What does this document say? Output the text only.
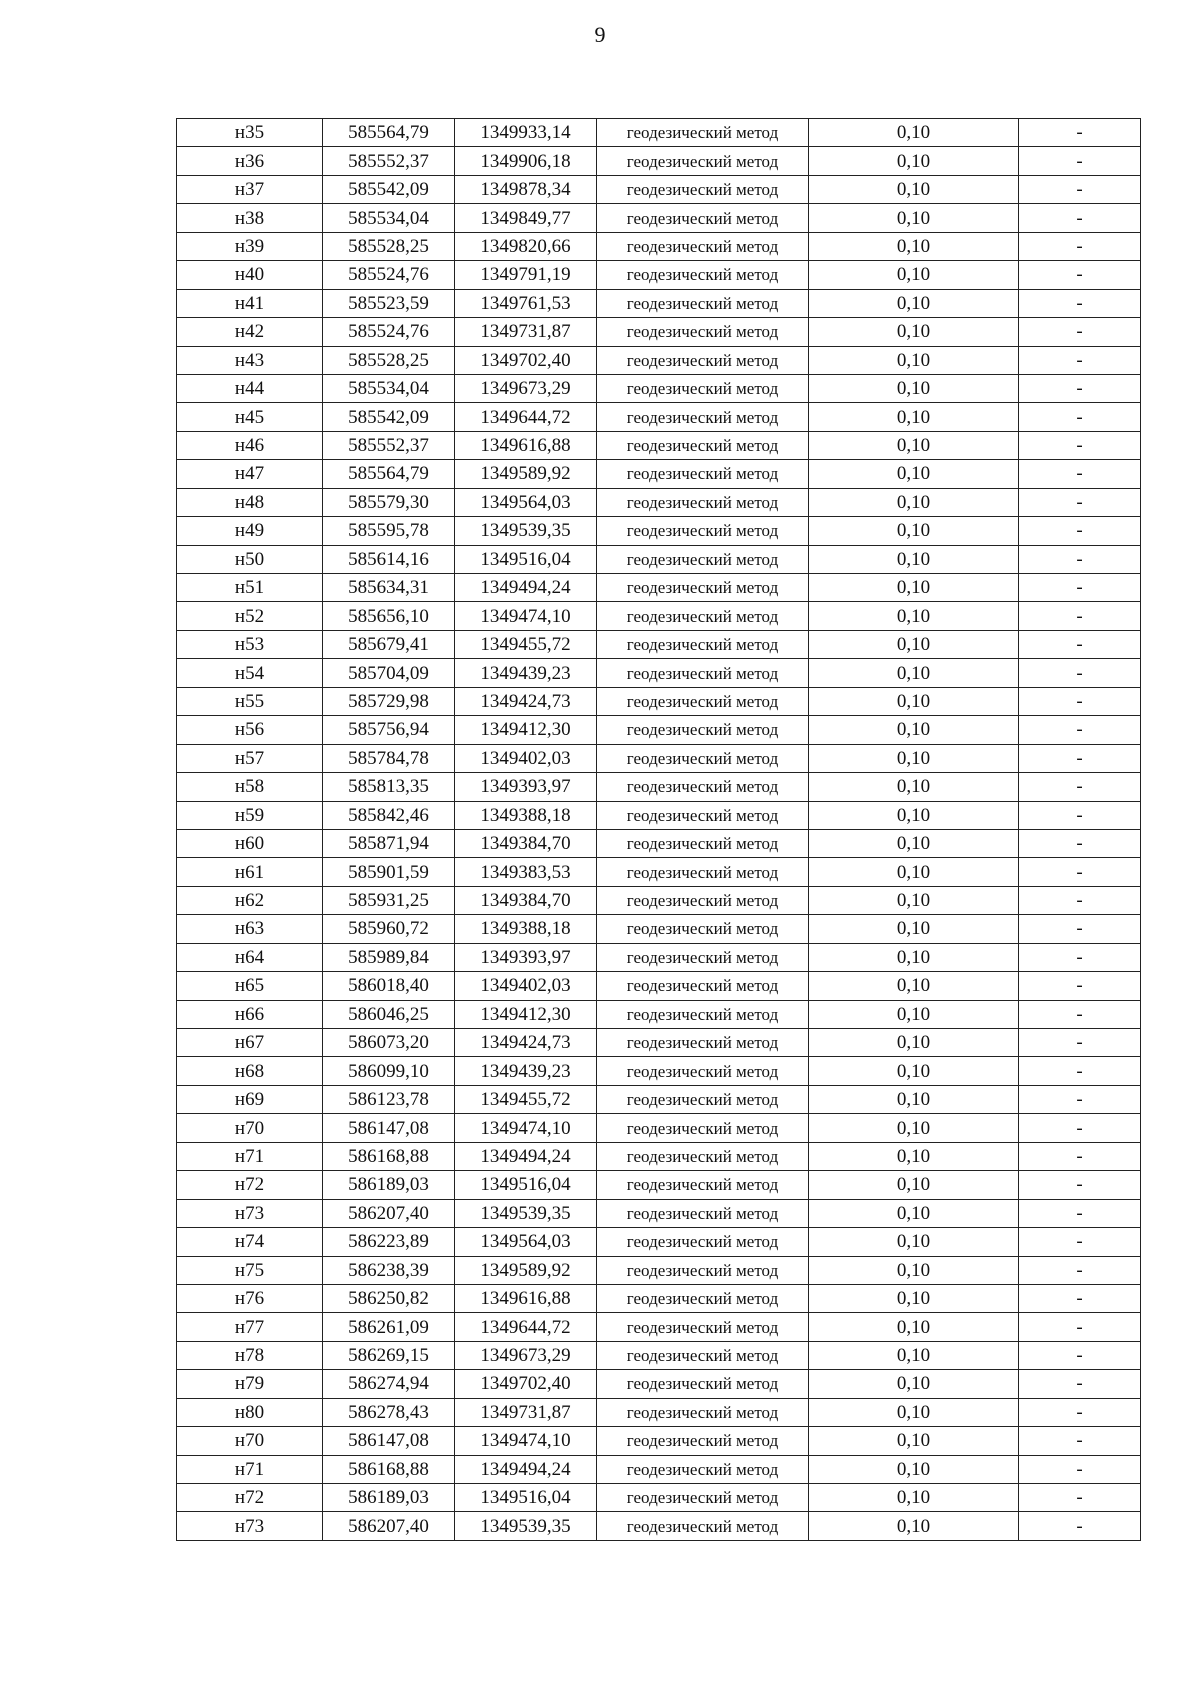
9
н35	585564,79	1349933,14	геодезический метод	0,10	-
н36	585552,37	1349906,18	геодезический метод	0,10	-
н37	585542,09	1349878,34	геодезический метод	0,10	-
н38	585534,04	1349849,77	геодезический метод	0,10	-
н39	585528,25	1349820,66	геодезический метод	0,10	-
н40	585524,76	1349791,19	геодезический метод	0,10	-
н41	585523,59	1349761,53	геодезический метод	0,10	-
н42	585524,76	1349731,87	геодезический метод	0,10	-
н43	585528,25	1349702,40	геодезический метод	0,10	-
н44	585534,04	1349673,29	геодезический метод	0,10	-
н45	585542,09	1349644,72	геодезический метод	0,10	-
н46	585552,37	1349616,88	геодезический метод	0,10	-
н47	585564,79	1349589,92	геодезический метод	0,10	-
н48	585579,30	1349564,03	геодезический метод	0,10	-
н49	585595,78	1349539,35	геодезический метод	0,10	-
н50	585614,16	1349516,04	геодезический метод	0,10	-
н51	585634,31	1349494,24	геодезический метод	0,10	-
н52	585656,10	1349474,10	геодезический метод	0,10	-
н53	585679,41	1349455,72	геодезический метод	0,10	-
н54	585704,09	1349439,23	геодезический метод	0,10	-
н55	585729,98	1349424,73	геодезический метод	0,10	-
н56	585756,94	1349412,30	геодезический метод	0,10	-
н57	585784,78	1349402,03	геодезический метод	0,10	-
н58	585813,35	1349393,97	геодезический метод	0,10	-
н59	585842,46	1349388,18	геодезический метод	0,10	-
н60	585871,94	1349384,70	геодезический метод	0,10	-
н61	585901,59	1349383,53	геодезический метод	0,10	-
н62	585931,25	1349384,70	геодезический метод	0,10	-
н63	585960,72	1349388,18	геодезический метод	0,10	-
н64	585989,84	1349393,97	геодезический метод	0,10	-
н65	586018,40	1349402,03	геодезический метод	0,10	-
н66	586046,25	1349412,30	геодезический метод	0,10	-
н67	586073,20	1349424,73	геодезический метод	0,10	-
н68	586099,10	1349439,23	геодезический метод	0,10	-
н69	586123,78	1349455,72	геодезический метод	0,10	-
н70	586147,08	1349474,10	геодезический метод	0,10	-
н71	586168,88	1349494,24	геодезический метод	0,10	-
н72	586189,03	1349516,04	геодезический метод	0,10	-
н73	586207,40	1349539,35	геодезический метод	0,10	-
н74	586223,89	1349564,03	геодезический метод	0,10	-
н75	586238,39	1349589,92	геодезический метод	0,10	-
н76	586250,82	1349616,88	геодезический метод	0,10	-
н77	586261,09	1349644,72	геодезический метод	0,10	-
н78	586269,15	1349673,29	геодезический метод	0,10	-
н79	586274,94	1349702,40	геодезический метод	0,10	-
н80	586278,43	1349731,87	геодезический метод	0,10	-
н70	586147,08	1349474,10	геодезический метод	0,10	-
н71	586168,88	1349494,24	геодезический метод	0,10	-
н72	586189,03	1349516,04	геодезический метод	0,10	-
н73	586207,40	1349539,35	геодезический метод	0,10	-
